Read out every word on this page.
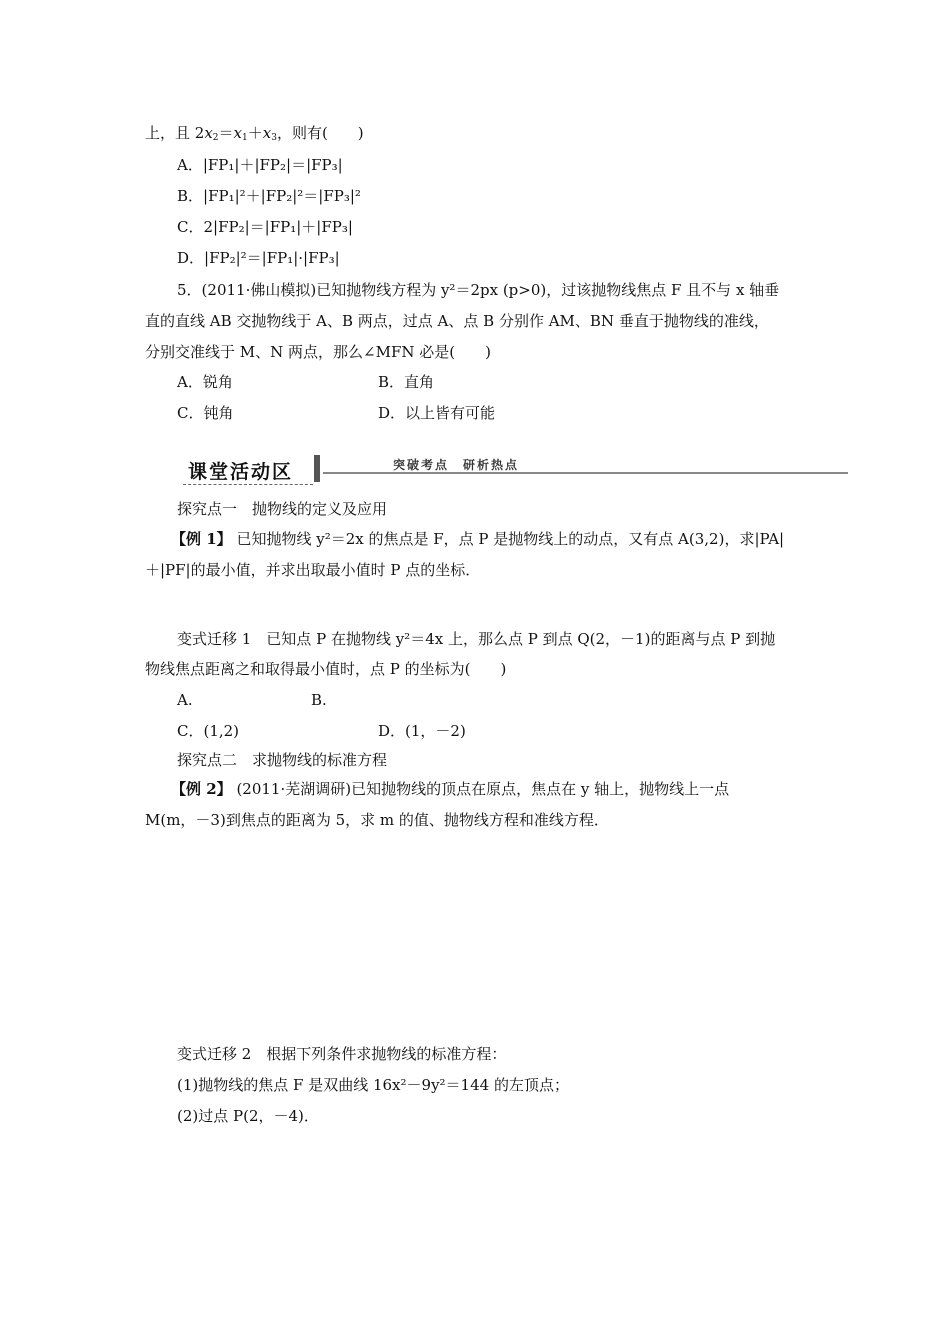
上，且 $2x_2=x_1+x_3$，则有(　　)
A．|FP₁|＋|FP₂|＝|FP₃|
B．|FP₁|²＋|FP₂|²＝|FP₃|²
C．2|FP₂|＝|FP₁|＋|FP₃|
D．|FP₂|²＝|FP₁|·|FP₃|
5．(2011·佛山模拟)已知抛物线方程为 y²＝2px (p>0)，过该抛物线焦点 F 且不与 x 轴垂
直的直线 AB 交抛物线于 A、B 两点，过点 A、点 B 分别作 AM、BN 垂直于抛物线的准线，
分别交准线于 M、N 两点，那么∠MFN 必是(　　)
A．锐角	B．直角
C．钝角	D．以上皆有可能
课堂活动区	突破考点　研析热点
探究点一　抛物线的定义及应用
【例 1】 已知抛物线 y²＝2x 的焦点是 F，点 P 是抛物线上的动点，又有点 A(3,2)，求|PA|
＋|PF|的最小值，并求出取最小值时 P 点的坐标．
变式迁移 1　已知点 P 在抛物线 y²＝4x 上，那么点 P 到点 Q(2，－1)的距离与点 P 到抛
物线焦点距离之和取得最小值时，点 P 的坐标为(　　)
A.	B.
C．(1,2)	D．(1，－2)
探究点二　求抛物线的标准方程
【例 2】 (2011·芜湖调研)已知抛物线的顶点在原点，焦点在 y 轴上，抛物线上一点
M(m，－3)到焦点的距离为 5，求 m 的值、抛物线方程和准线方程．
变式迁移 2　根据下列条件求抛物线的标准方程：
(1)抛物线的焦点 F 是双曲线 16x²－9y²＝144 的左顶点；
(2)过点 P(2，－4)．
